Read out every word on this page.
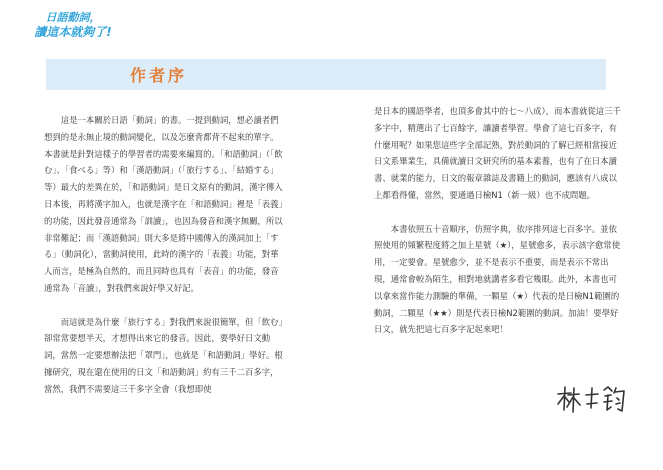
日語動詞，
讀這本就夠了!
作者序

這是一本關於日語「動詞」的書。一提到動詞，想必讀者們想到的是永無止境的動詞變化，以及怎麼背都背不起來的單字。本書就是針對這樣子的學習者的需要來編寫的。「和語動詞」（「飲む」、「食べる」等）和「漢語動詞」（「旅行する」、「結婚する」等）最大的差異在於，「和語動詞」是日文原有的動詞，漢字傳入日本後，再將漢字加入，也就是漢字在「和語動詞」裡是「表義」的功能，因此發音通常為「訓讀」，也因為發音和漢字無關，所以非常難記；而「漢語動詞」則大多是將中國傳入的漢詞加上「する」（動詞化），當動詞使用，此時的漢字的「表義」功能，對華人而言，是極為自然的，而且同時也具有「表音」的功能，發音通常為「音讀」，對我們來說好學又好記。

而這就是為什麼「旅行する」對我們來說很簡單，但「飲む」卻常常要想半天，才想得出來它的發音。因此，要學好日文動詞，當然一定要想辦法把「罩門」，也就是「和語動詞」學好。根據研究，現在還在使用的日文「和語動詞」約有三千二百多字，當然，我們不需要這三千多字全會（我想即使

是日本的國語學者，也頂多會其中的七～八成），而本書就從這三千多字中，精選出了七百餘字，讓讀者學習。學會了這七百多字，有什麼用呢？如果您這些字全部記熟，對於動詞的了解已經相當接近日文系畢業生，具備就讀日文研究所的基本素養，也有了在日本讀書、就業的能力，日文的報章雜誌及書籍上的動詞，應該有八成以上都看得懂，當然，要通過日檢N1（新一級）也不成問題。

本書依照五十音順序，仿照字典，依序排列這七百多字。並依照使用的頻繁程度將之加上星號（★），星號愈多，表示該字愈常使用，一定要會。星號愈少，並不是表示不重要，而是表示不常出現，通常會較為陌生，相對地就講者多看它幾眼。此外，本書也可以拿來當作能力測驗的準備，一顆星（★）代表的是日檢N1範圍的動詞，二顆星（★★）則是代表日檢N2範圍的動詞。加油！要學好日文，就先把這七百多字記起來吧！
